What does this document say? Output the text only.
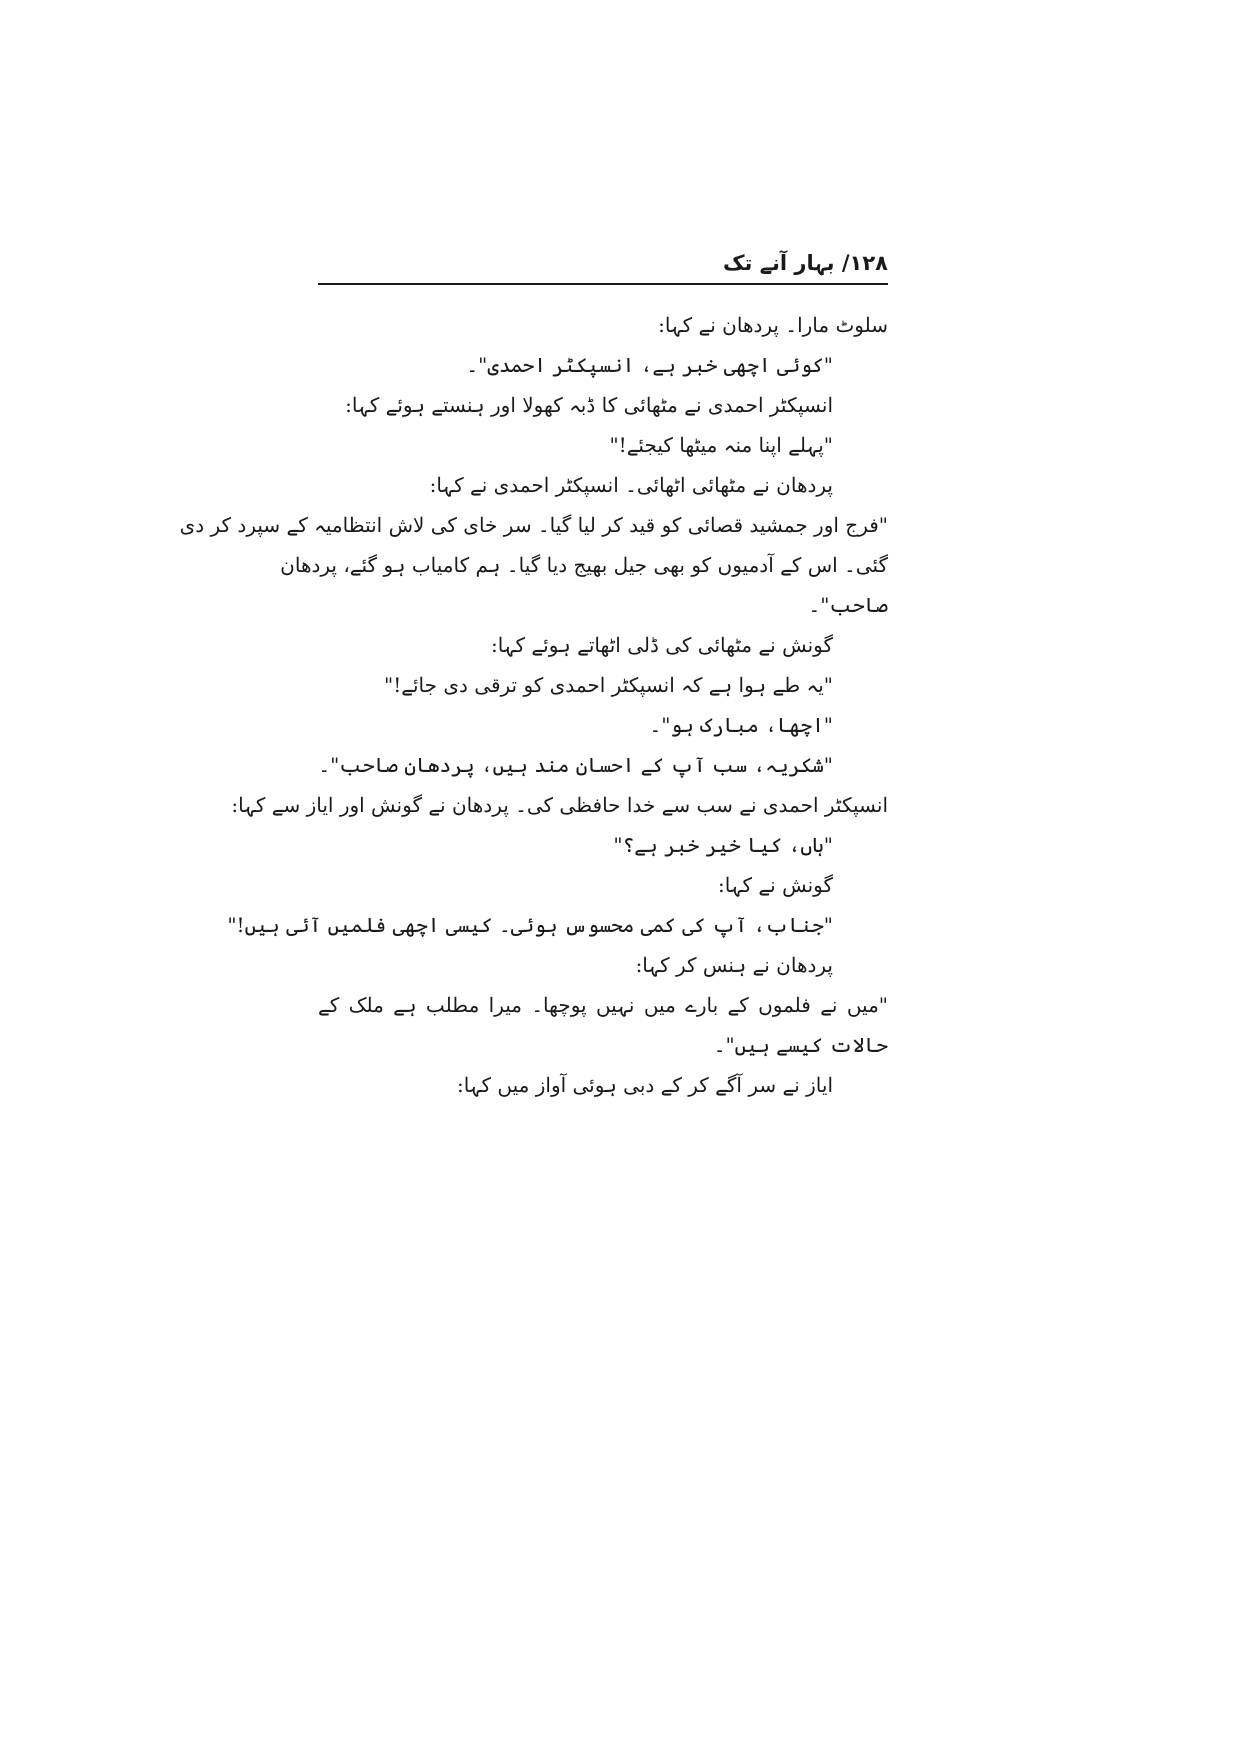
۱۲۸/ بہار آنے تک
سلوٹ مارا۔ پردھان نے کہا:
"کوئی اچھی خبر ہے، انسپکٹر احمدی"۔
انسپکٹر احمدی نے مٹھائی کا ڈبہ کھولا اور ہنستے ہوئے کہا:
"پہلے اپنا منہ میٹھا کیجئے!"
پردھان نے مٹھائی اٹھائی۔ انسپکٹر احمدی نے کہا:
"فرج اور جمشید قصائی کو قید کر لیا گیا۔ سر خای کی لاش انتظامیہ کے سپرد کر دی
گئی۔ اس کے آدمیوں کو بھی جیل بھیج دیا گیا۔ ہم کامیاب ہو گئے، پردھان
صاحب"۔
گونش نے مٹھائی کی ڈلی اٹھاتے ہوئے کہا:
"یہ طے ہوا ہے کہ انسپکٹر احمدی کو ترقی دی جائے!"
"اچھا، مبارک ہو"۔
"شکریہ، سب آپ کے احسان مند ہیں، پردھان صاحب"۔
انسپکٹر احمدی نے سب سے خدا حافظی کی۔ پردھان نے گونش اور ایاز سے کہا:
"ہاں، کیا خیر خبر ہے؟"
گونش نے کہا:
"جناب، آپ کی کمی محسوس ہوئی۔ کیسی اچھی فلمیں آئی ہیں!"
پردھان نے ہنس کر کہا:
"میں نے فلموں کے بارے میں نہیں پوچھا۔ میرا مطلب ہے ملک کے
حالات کیسے ہیں"۔
ایاز نے سر آگے کر کے دبی ہوئی آواز میں کہا:
